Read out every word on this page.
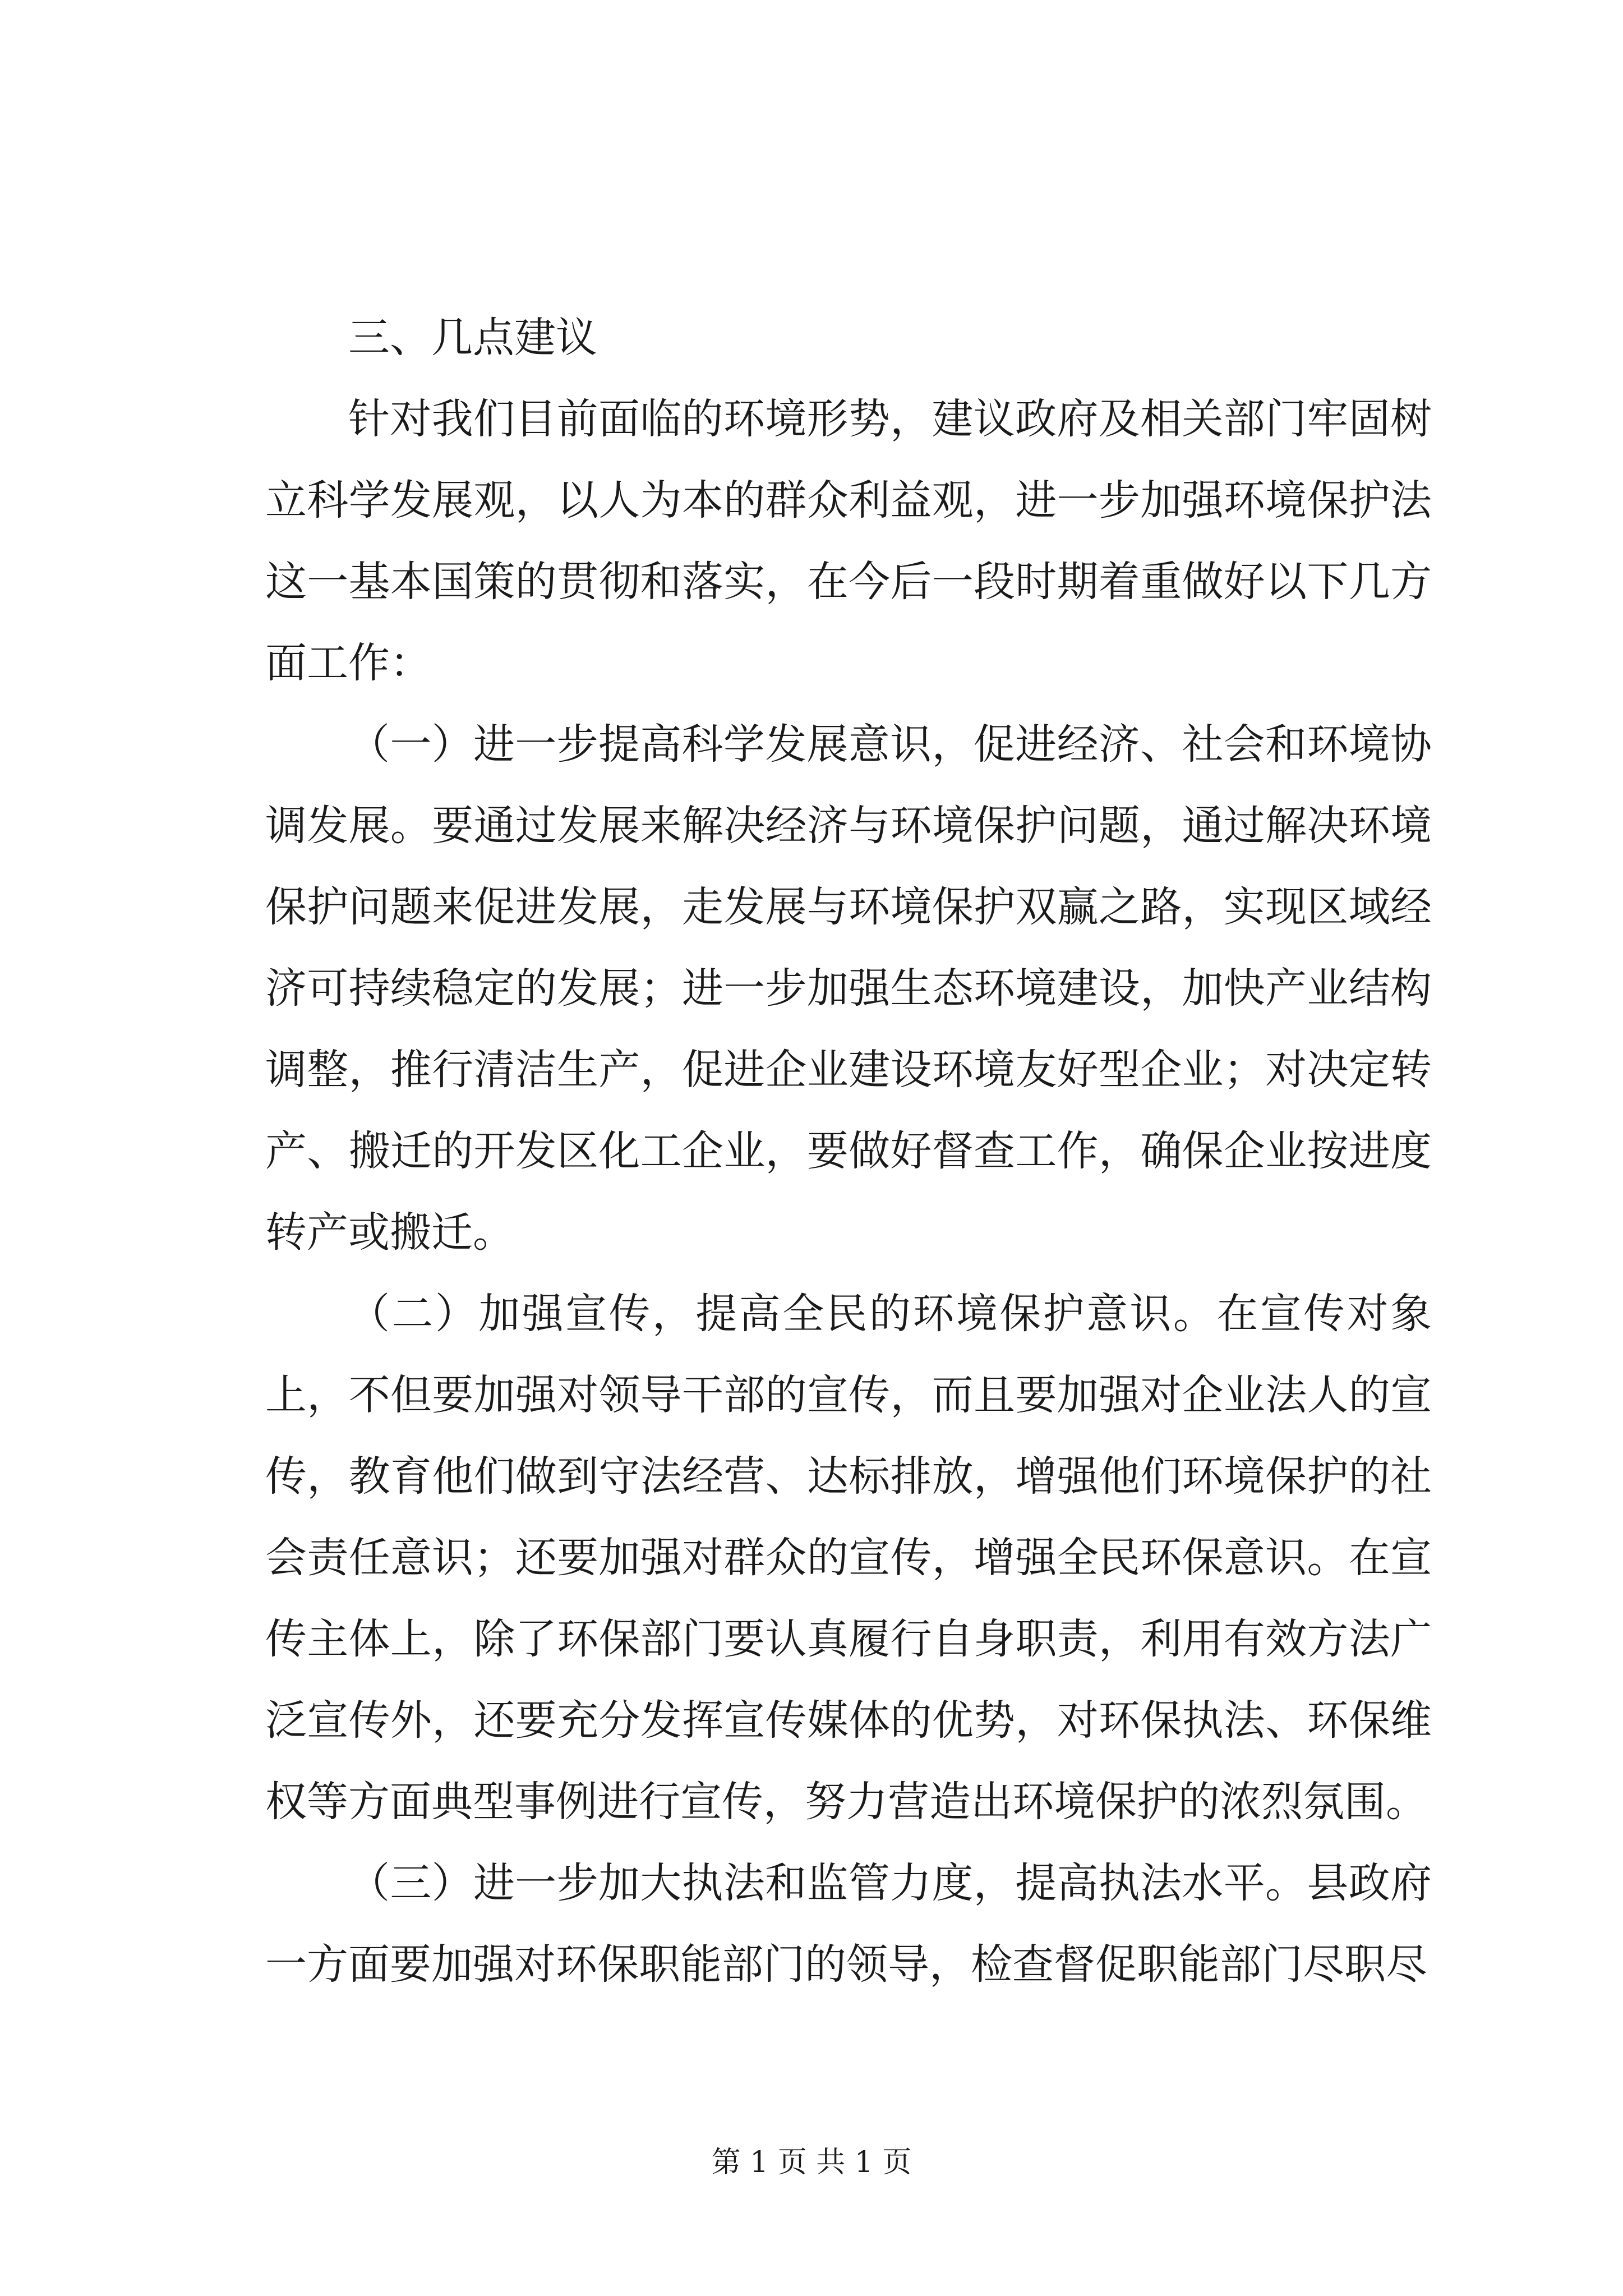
三、几点建议

针对我们目前面临的环境形势，建议政府及相关部门牢固树立科学发展观，以人为本的群众利益观，进一步加强环境保护法这一基本国策的贯彻和落实，在今后一段时期着重做好以下几方面工作：

（一）进一步提高科学发展意识，促进经济、社会和环境协调发展。要通过发展来解决经济与环境保护问题，通过解决环境保护问题来促进发展，走发展与环境保护双赢之路，实现区域经济可持续稳定的发展；进一步加强生态环境建设，加快产业结构调整，推行清洁生产，促进企业建设环境友好型企业；对决定转产、搬迁的开发区化工企业，要做好督查工作，确保企业按进度转产或搬迁。

（二）加强宣传，提高全民的环境保护意识。在宣传对象上，不但要加强对领导干部的宣传，而且要加强对企业法人的宣传，教育他们做到守法经营、达标排放，增强他们环境保护的社会责任意识；还要加强对群众的宣传，增强全民环保意识。在宣传主体上，除了环保部门要认真履行自身职责，利用有效方法广泛宣传外，还要充分发挥宣传媒体的优势，对环保执法、环保维权等方面典型事例进行宣传，努力营造出环境保护的浓烈氛围。

（三）进一步加大执法和监管力度，提高执法水平。县政府一方面要加强对环保职能部门的领导，检查督促职能部门尽职尽

第 1 页 共 1 页
